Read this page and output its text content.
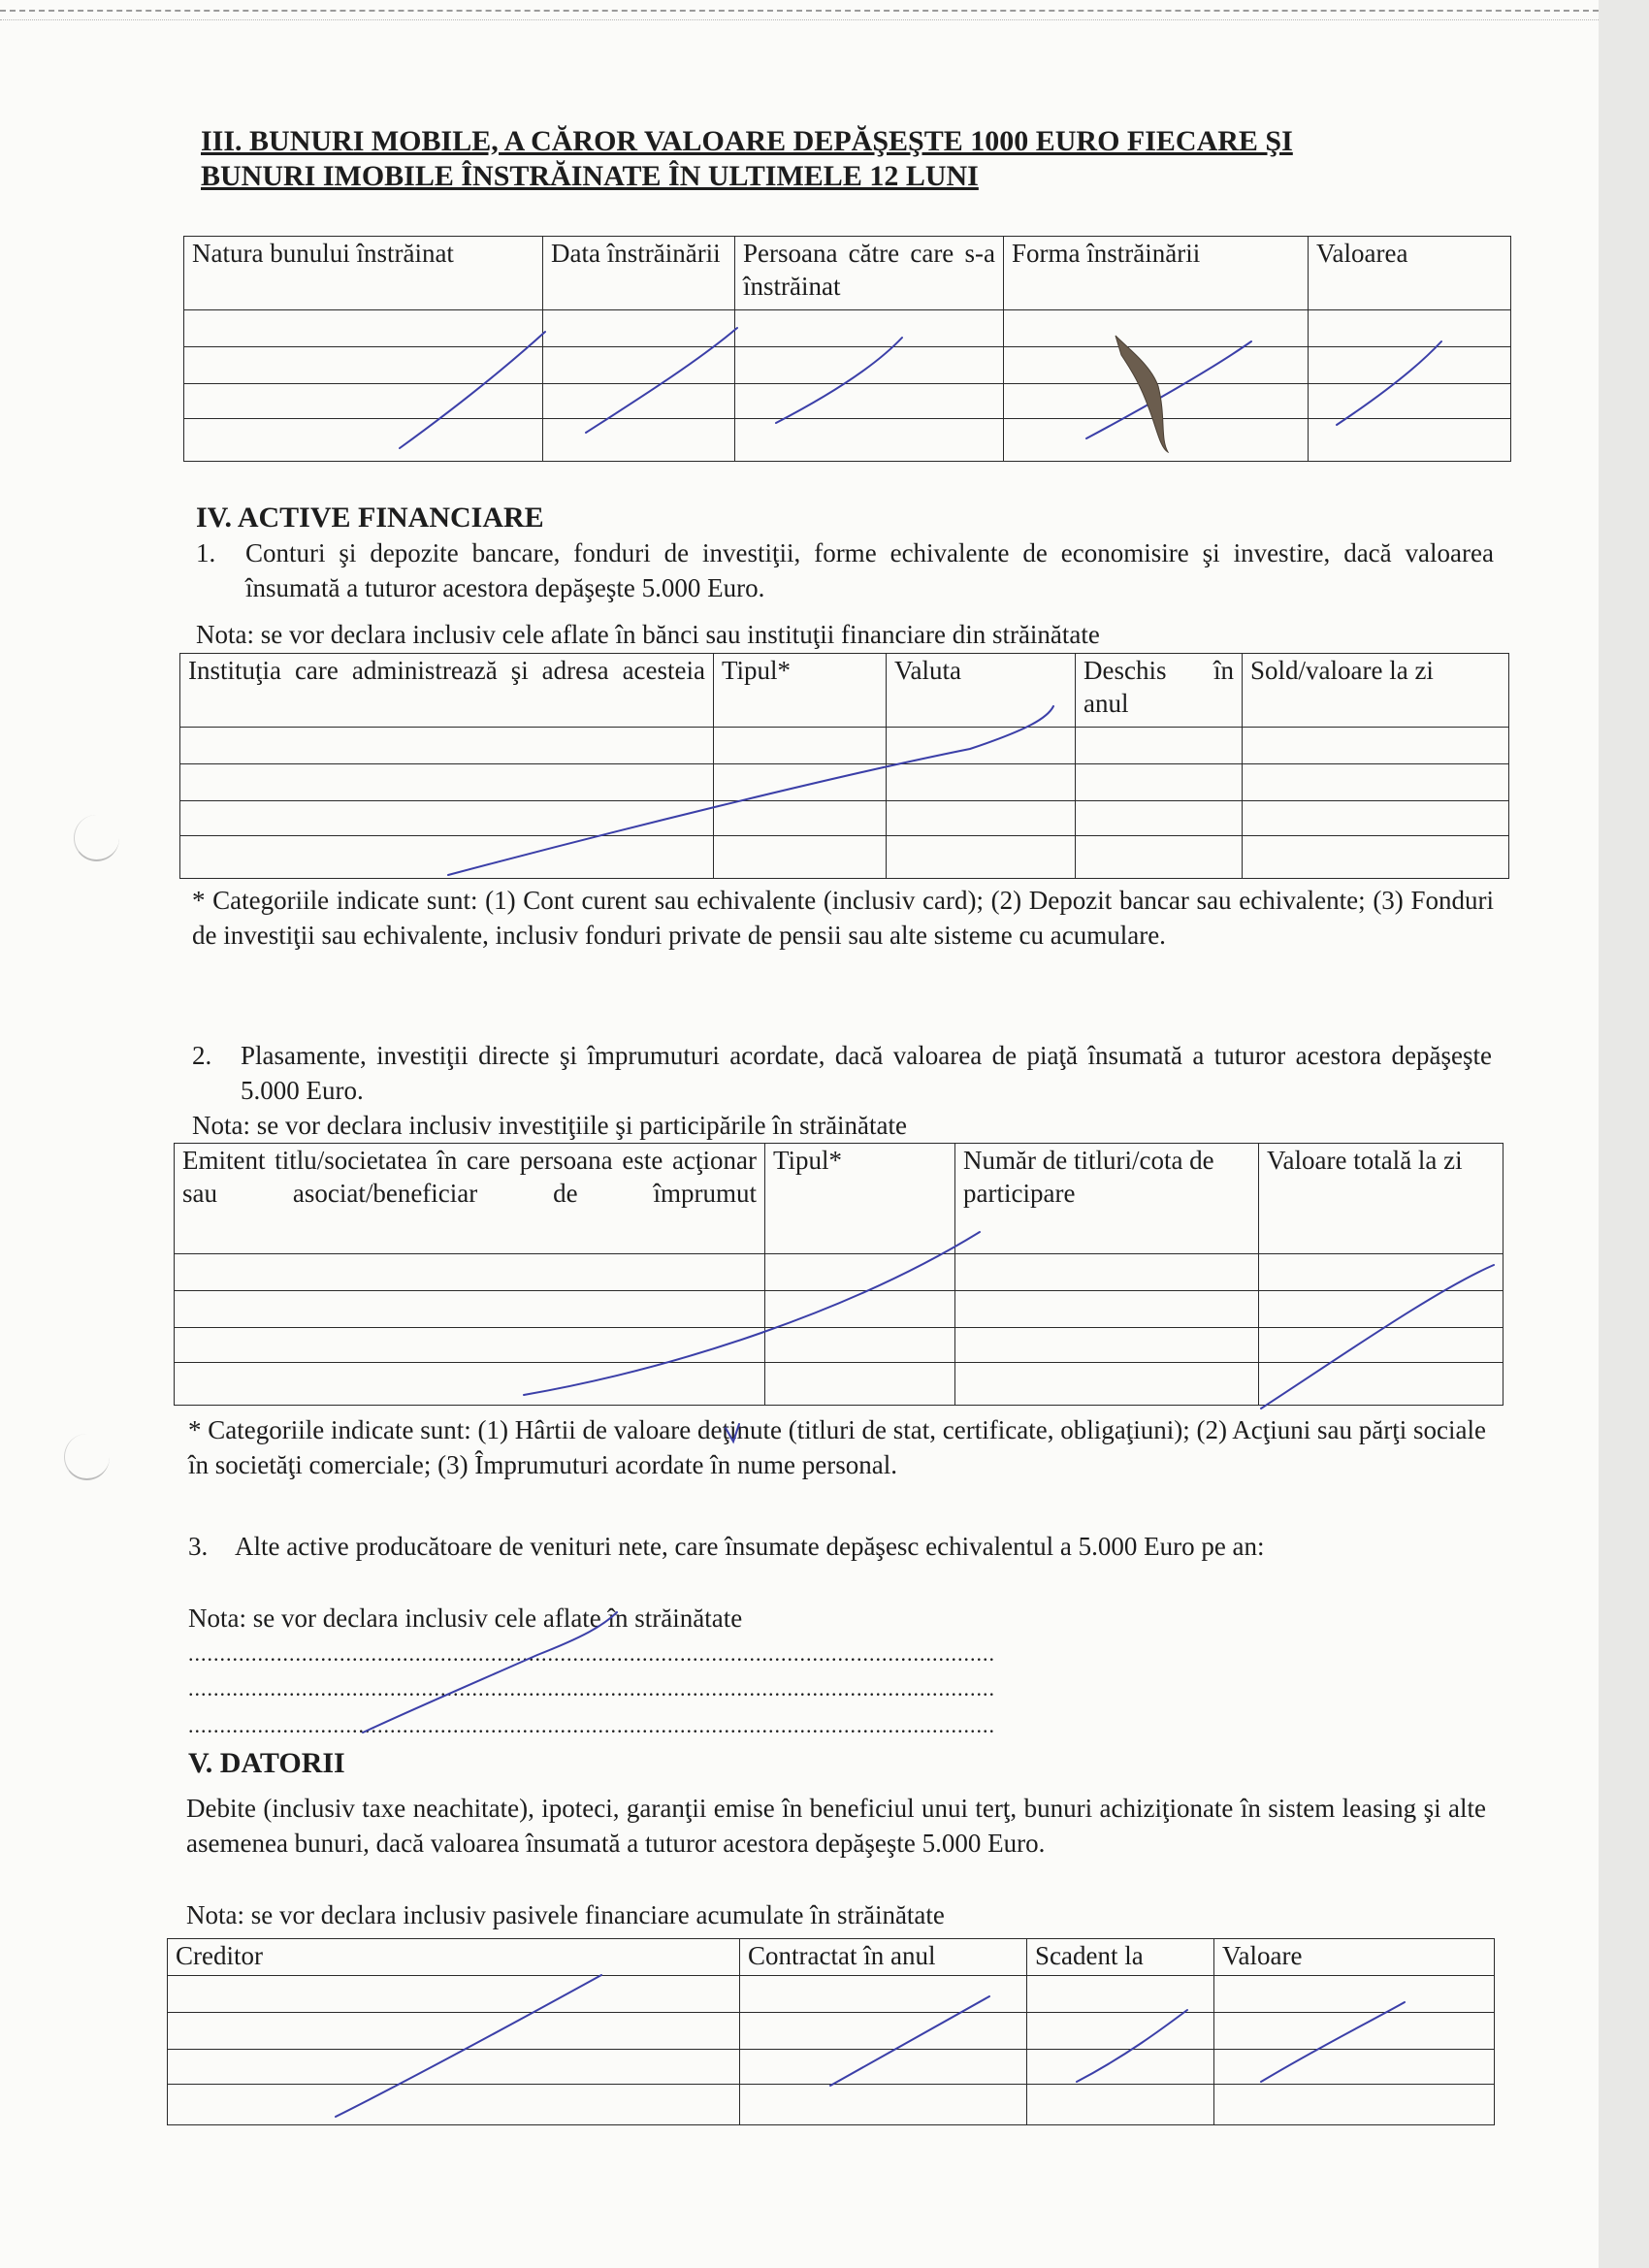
III. BUNURI MOBILE, A CĂROR VALOARE DEPĂŞEŞTE 1000 EURO FIECARE ŞI
BUNURI IMOBILE ÎNSTRĂINATE ÎN ULTIMELE 12 LUNI
Natura bunului înstrăinat	Data înstrăinării	Persoana către care s-a înstrăinat	Forma înstrăinării	Valoarea

IV. ACTIVE FINANCIARE
1. Conturi şi depozite bancare, fonduri de investiţii, forme echivalente de economisire şi investire, dacă valoarea însumată a tuturor acestora depăşeşte 5.000 Euro.
Nota: se vor declara inclusiv cele aflate în bănci sau instituţii financiare din străinătate
Instituţia care administrează şi adresa acesteia	Tipul*	Valuta	Deschis în anul	Sold/valoare la zi

* Categoriile indicate sunt: (1) Cont curent sau echivalente (inclusiv card); (2) Depozit bancar sau echivalente; (3) Fonduri de investiţii sau echivalente, inclusiv fonduri private de pensii sau alte sisteme cu acumulare.
2. Plasamente, investiţii directe şi împrumuturi acordate, dacă valoarea de piaţă însumată a tuturor acestora depăşeşte 5.000 Euro.
Nota: se vor declara inclusiv investiţiile şi participările în străinătate
Emitent titlu/societatea în care persoana este acţionar sau asociat/beneficiar de împrumut	Tipul*	Număr de titluri/cota de participare	Valoare totală la zi

* Categoriile indicate sunt: (1) Hârtii de valoare deţinute (titluri de stat, certificate, obligaţiuni); (2) Acţiuni sau părţi sociale în societăţi comerciale; (3) Împrumuturi acordate în nume personal.
3. Alte active producătoare de venituri nete, care însumate depăşesc echivalentul a 5.000 Euro pe an:
Nota: se vor declara inclusiv cele aflate în străinătate
................................................................................................................................
................................................................................................................................
................................................................................................................................
V. DATORII
Debite (inclusiv taxe neachitate), ipoteci, garanţii emise în beneficiul unui terţ, bunuri achiziţionate în sistem leasing şi alte asemenea bunuri, dacă valoarea însumată a tuturor acestora depăşeşte 5.000 Euro.
Nota: se vor declara inclusiv pasivele financiare acumulate în străinătate
Creditor	Contractat în anul	Scadent la	Valoare
